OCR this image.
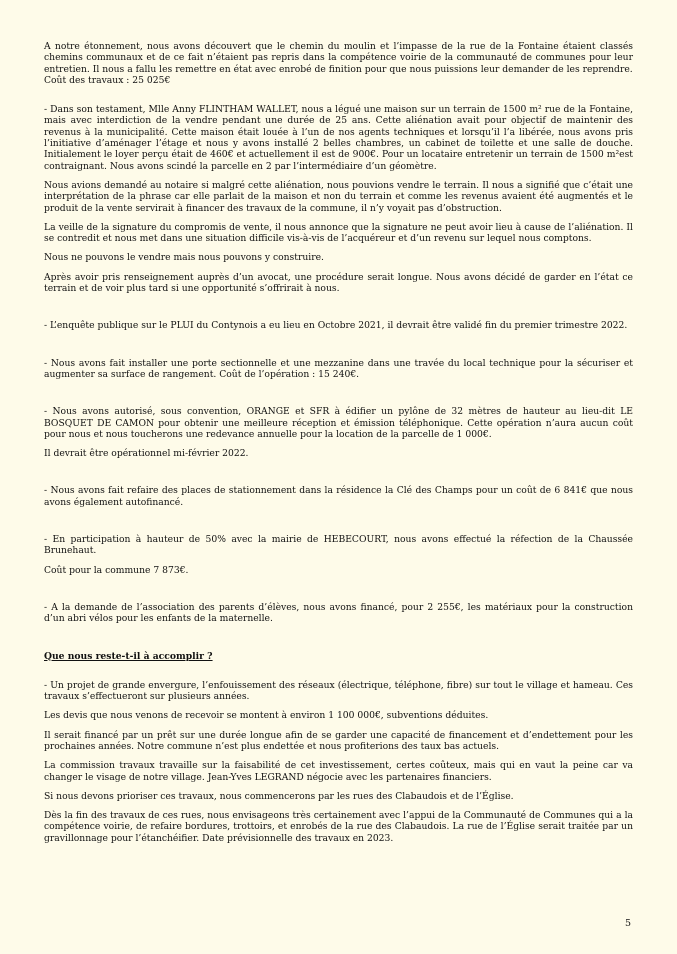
A notre étonnement, nous avons découvert que le chemin du moulin et l’impasse de la rue de la Fontaine étaient classés chemins communaux et de ce fait n’étaient pas repris dans la compétence voirie de la communauté de communes pour leur entretien. Il nous a fallu les remettre en état avec enrobé de finition pour que nous puissions leur demander de les reprendre.

Coût des travaux : 25 025€

- Dans son testament, Mlle Anny FLINTHAM WALLET, nous a légué une maison sur un terrain de 1500 m² rue de la Fontaine, mais avec interdiction de la vendre pendant une durée de 25 ans. Cette aliénation avait pour objectif de maintenir des revenus à la municipalité. Cette maison était louée à l’un de nos agents techniques et lorsqu’il l’a libérée, nous avons pris l’initiative d’aménager l’étage et nous y avons installé 2 belles chambres, un cabinet de toilette et une salle de douche. Initialement le loyer perçu était de 460€ et actuellement il est de 900€. Pour un locataire entretenir un terrain de 1500 m²est contraignant. Nous avons scindé la parcelle en 2 par l’intermédiaire d’un géomètre.

Nous avions demandé au notaire si malgré cette aliénation, nous pouvions vendre le terrain. Il nous a signifié que c’était une interprétation de la phrase car elle parlait de la maison et non du terrain et comme les revenus avaient été augmentés et le produit de la vente servirait à financer des travaux de la commune, il n’y voyait pas d’obstruction.

La veille de la signature du compromis de vente, il nous annonce que la signature ne peut avoir lieu à cause de l’aliénation. Il se contredit et nous met dans une situation difficile vis-à-vis de l’acquéreur et d’un revenu sur lequel nous comptons.

Nous ne pouvons le vendre mais nous pouvons y construire.

Après avoir pris renseignement auprès d’un avocat, une procédure serait longue. Nous avons décidé de garder en l’état ce terrain et de voir plus tard si une opportunité s’offrirait à nous.

- L’enquête publique sur le PLUI du Contynois a eu lieu en Octobre 2021, il devrait être validé fin du premier trimestre 2022.

- Nous avons fait installer une porte sectionnelle et une mezzanine dans une travée du local technique pour la sécuriser et augmenter sa surface de rangement. Coût de l’opération : 15 240€.

- Nous avons autorisé, sous convention, ORANGE et SFR à édifier un pylône de 32 mètres de hauteur au lieu-dit LE BOSQUET DE CAMON pour obtenir une meilleure réception et émission téléphonique. Cette opération n’aura aucun coût pour nous et nous toucherons une redevance annuelle pour la location de la parcelle de 1 000€.

Il devrait être opérationnel mi-février 2022.

- Nous avons fait refaire des places de stationnement dans la résidence la Clé des Champs pour un coût de 6 841€ que nous avons également autofinancé.

- En participation à hauteur de 50% avec la mairie de HEBECOURT, nous avons effectué la réfection de la Chaussée Brunehaut.

Coût pour la commune 7 873€.

- A la demande de l’association des parents d’élèves, nous avons financé, pour 2 255€, les matériaux pour la construction d’un abri vélos pour les enfants de la maternelle.

Que nous reste-t-il à accomplir ?

- Un projet de grande envergure, l’enfouissement des réseaux (électrique, téléphone, fibre) sur tout le village et hameau. Ces travaux s’effectueront sur plusieurs années.

Les devis que nous venons de recevoir se montent à environ 1 100 000€, subventions déduites.

Il serait financé par un prêt sur une durée longue afin de se garder une capacité de financement et d’endettement pour les prochaines années. Notre commune n’est plus endettée et nous profiterions des taux bas actuels.

La commission travaux travaille sur la faisabilité de cet investissement, certes coûteux, mais qui en vaut la peine car va changer le visage de notre village. Jean-Yves LEGRAND négocie avec les partenaires financiers.

Si nous devons prioriser ces travaux, nous commencerons par les rues des Clabaudois et de l’Église.

Dès la fin des travaux de ces rues, nous envisageons très certainement avec l’appui de la Communauté de Communes qui a la compétence voirie, de refaire bordures, trottoirs, et enrobés de la rue des Clabaudois. La rue de l’Église serait traitée par un gravillonnage pour l’étanchéifier. Date prévisionnelle des travaux en 2023.

5
